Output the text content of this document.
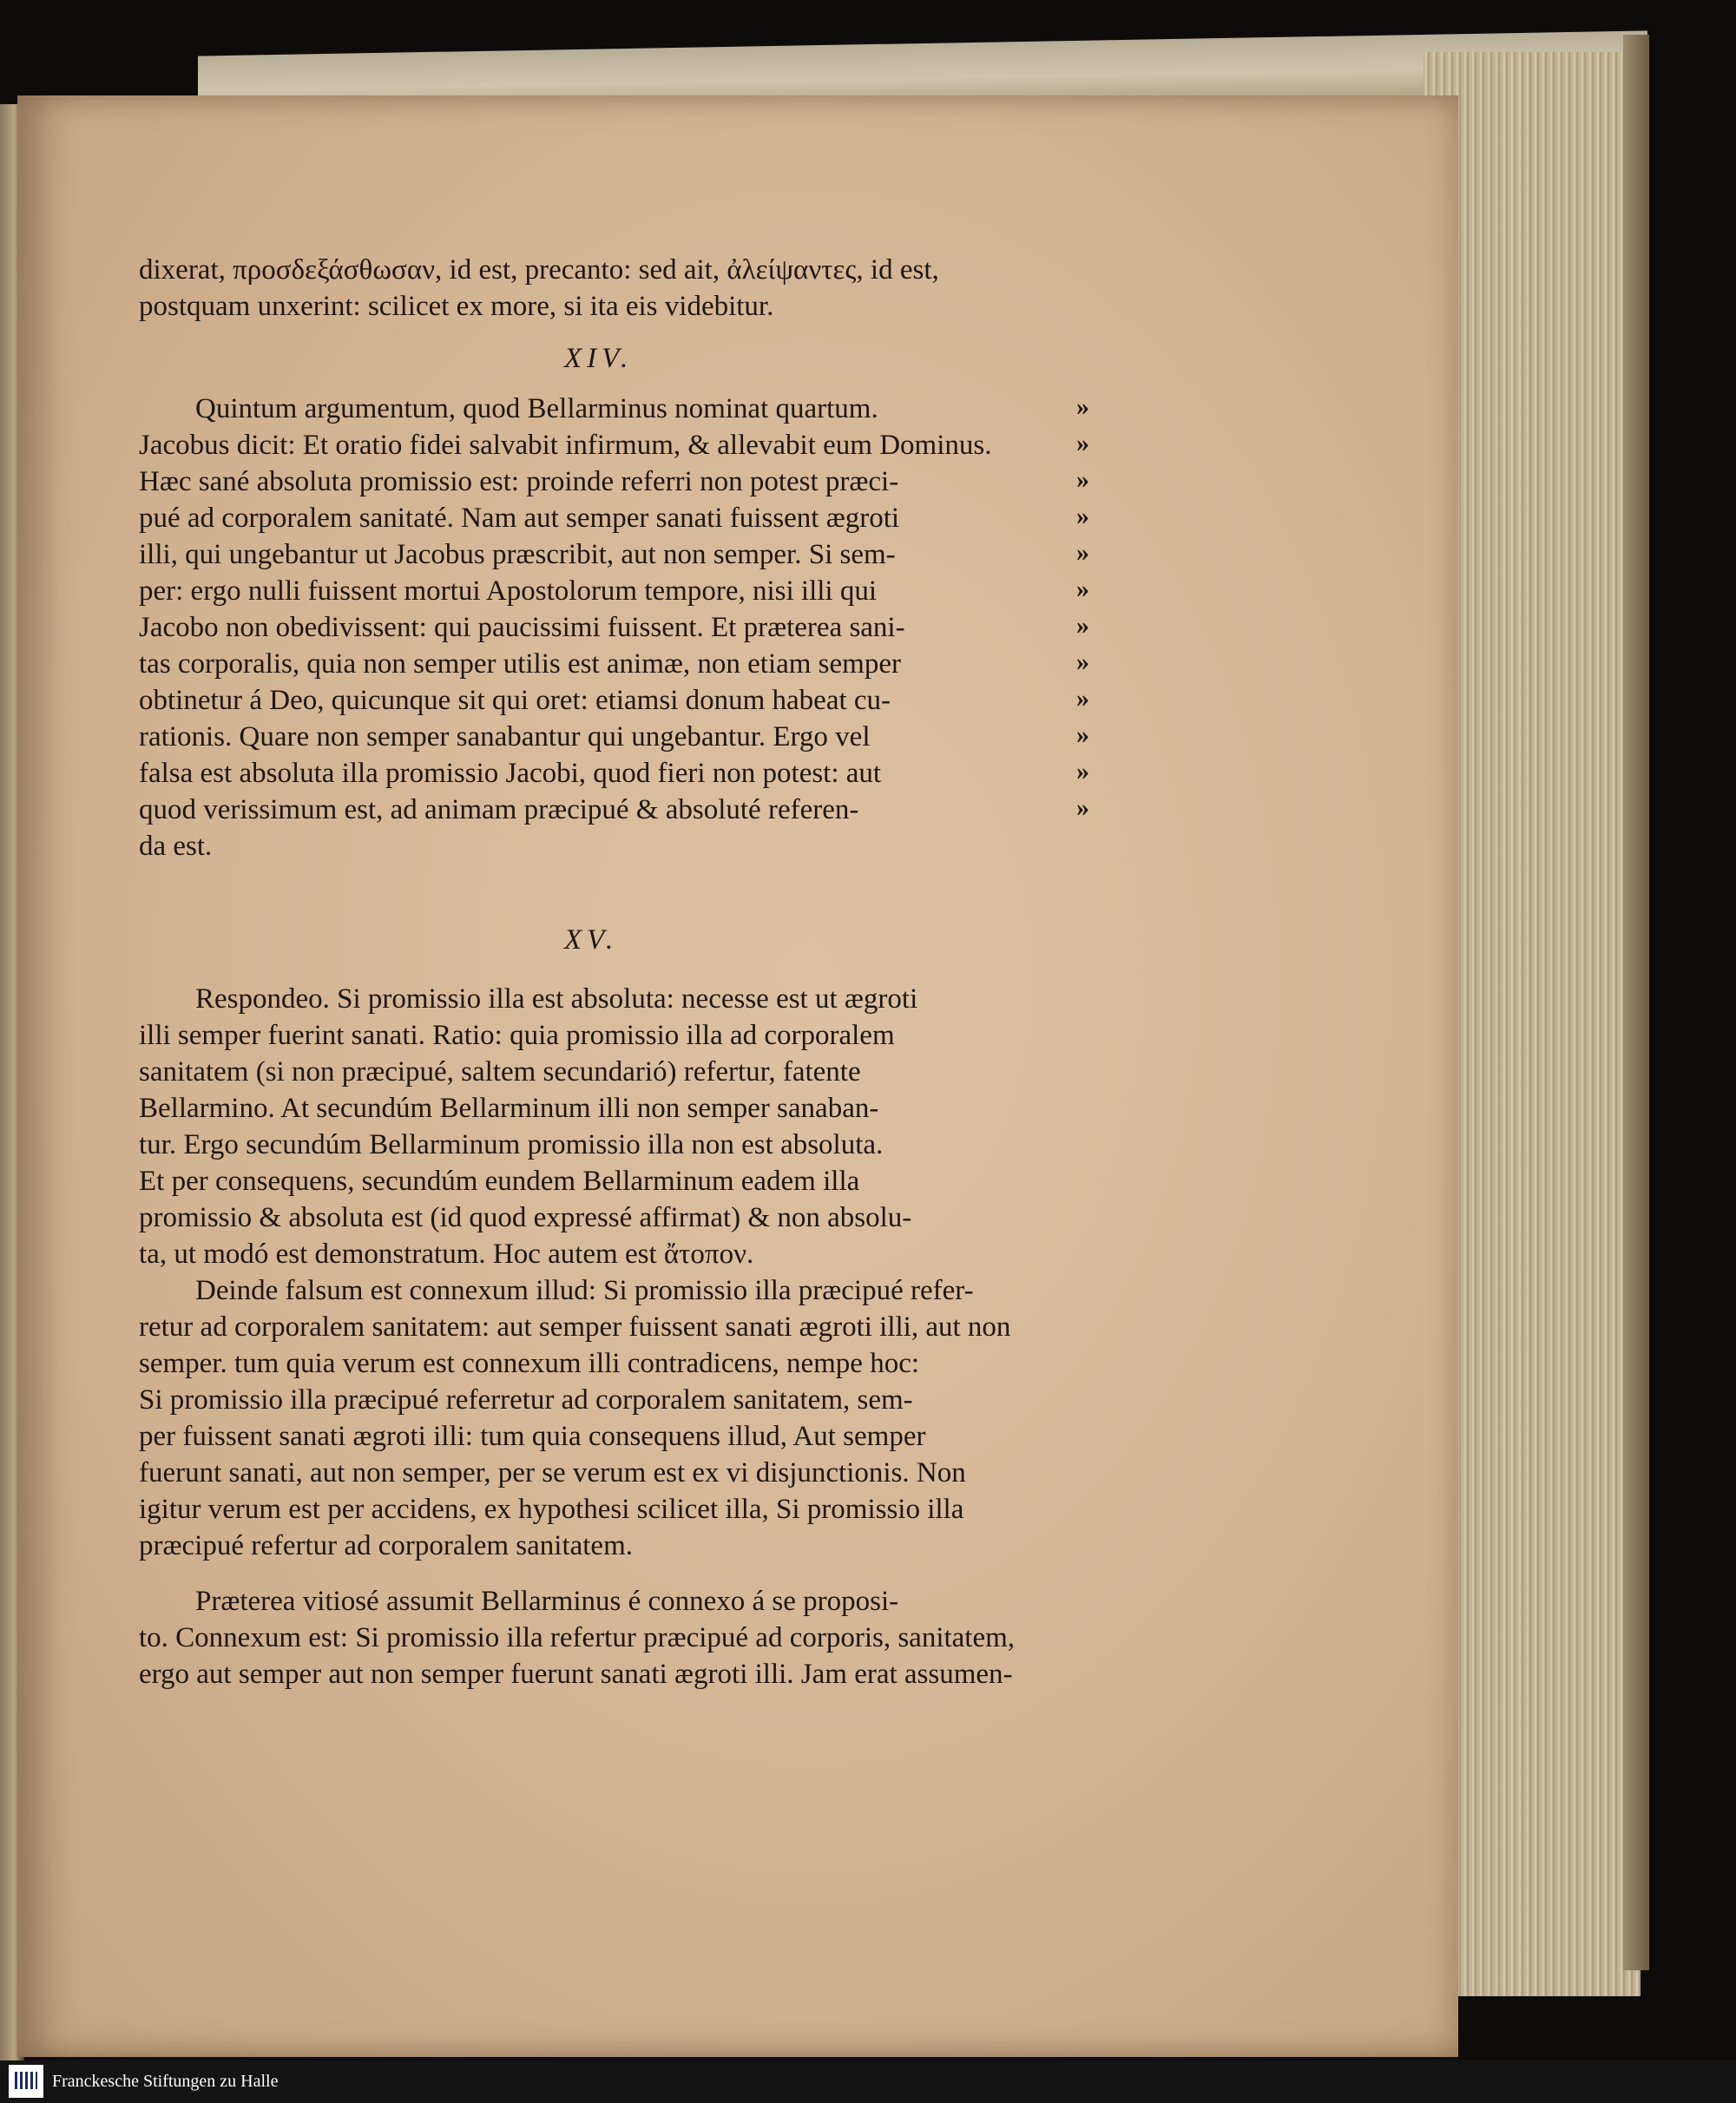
dixerat, προσδεξάσθωσαν, id est, precanto: sed ait, ἀλείψαντες, id est,
postquam unxerint: scilicet ex more, si ita eis videbitur.
XIV.
Quintum argumentum, quod Bellarminus nominat quartum.
Jacobus dicit: Et oratio fidei salvabit infirmum, & allevabit eum Dominus.
Hæc sané absoluta promissio est: proinde referri non potest præci-
pué ad corporalem sanitaté. Nam aut semper sanati fuissent ægroti
illi, qui ungebantur ut Jacobus præscribit, aut non semper. Si sem-
per: ergo nulli fuissent mortui Apostolorum tempore, nisi illi qui
Jacobo non obedivissent: qui paucissimi fuissent. Et præterea sani-
tas corporalis, quia non semper utilis est animæ, non etiam semper
obtinetur á Deo, quicunque sit qui oret: etiamsi donum habeat cu-
rationis. Quare non semper sanabantur qui ungebantur. Ergo vel
falsa est absoluta illa promissio Jacobi, quod fieri non potest: aut
quod verissimum est, ad animam præcipué & absoluté referen-
da est.
»
»
»
»
»
»
»
»
»
»
»
»
XV.
Respondeo. Si promissio illa est absoluta: necesse est ut ægroti
illi semper fuerint sanati. Ratio: quia promissio illa ad corporalem
sanitatem (si non præcipué, saltem secundarió) refertur, fatente
Bellarmino. At secundúm Bellarminum illi non semper sanaban-
tur. Ergo secundúm Bellarminum promissio illa non est absoluta.
Et per consequens, secundúm eundem Bellarminum eadem illa
promissio & absoluta est (id quod expressé affirmat) & non absolu-
ta, ut modó est demonstratum. Hoc autem est ἄτοπον.
Deinde falsum est connexum illud: Si promissio illa præcipué refer-
retur ad corporalem sanitatem: aut semper fuissent sanati ægroti illi, aut non
semper. tum quia verum est connexum illi contradicens, nempe hoc:
Si promissio illa præcipué referretur ad corporalem sanitatem, sem-
per fuissent sanati ægroti illi: tum quia consequens illud, Aut semper
fuerunt sanati, aut non semper, per se verum est ex vi disjunctionis. Non
igitur verum est per accidens, ex hypothesi scilicet illa, Si promissio illa
præcipué refertur ad corporalem sanitatem.
Præterea vitiosé assumit Bellarminus é connexo á se proposi-
to. Connexum est: Si promissio illa refertur præcipué ad corporis, sanitatem,
ergo aut semper aut non semper fuerunt sanati ægroti illi. Jam erat assumen-
Franckesche Stiftungen zu Halle
